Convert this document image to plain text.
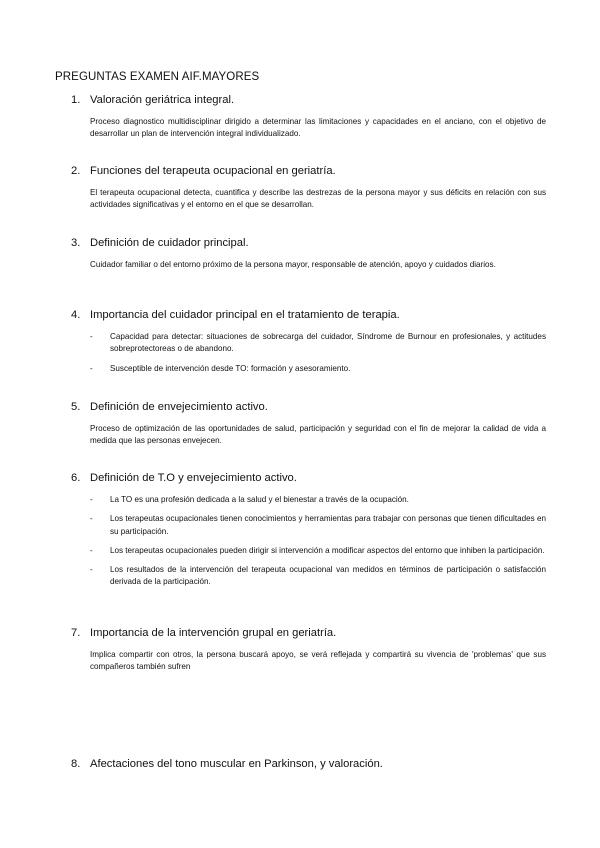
PREGUNTAS EXAMEN AIF.MAYORES
1. Valoración geriátrica integral.
Proceso diagnostico multidisciplinar dirigido a determinar las limitaciones y capacidades en el anciano, con el objetivo de desarrollar un plan de intervención integral individualizado.
2. Funciones del terapeuta ocupacional en geriatría.
El terapeuta ocupacional detecta, cuantifica y describe las destrezas de la persona mayor y sus déficits en relación con sus actividades significativas y el entorno en el que se desarrollan.
3. Definición de cuidador principal.
Cuidador familiar o del entorno próximo de la persona mayor, responsable de atención, apoyo y cuidados diarios.
4. Importancia del cuidador principal en el tratamiento de terapia.
- Capacidad para detectar: situaciones de sobrecarga del cuidador, Síndrome de Burnour en profesionales, y actitudes sobreprotectoreas o de abandono.
- Susceptible de intervención desde TO: formación y asesoramiento.
5. Definición de envejecimiento activo.
Proceso de optimización de las oportunidades de salud, participación y seguridad con el fin de mejorar la calidad de vida a medida que las personas envejecen.
6. Definición de T.O y envejecimiento activo.
- La TO es una profesión dedicada a la salud y el bienestar a través de la ocupación.
- Los terapeutas ocupacionales tienen conocimientos y herramientas para trabajar con personas que tienen dificultades en su participación.
- Los terapeutas ocupacionales pueden dirigir si intervención a modificar aspectos del entorno que inhiben la participación.
- Los resultados de la intervención del terapeuta ocupacional van medidos en términos de participación o satisfacción derivada de la participación.
7. Importancia de la intervención grupal en geriatría.
Implica compartir con otros, la persona buscará apoyo, se verá reflejada y compartirá su vivencia de 'problemas' que sus compañeros también sufren
8. Afectaciones del tono muscular en Parkinson, y valoración.
